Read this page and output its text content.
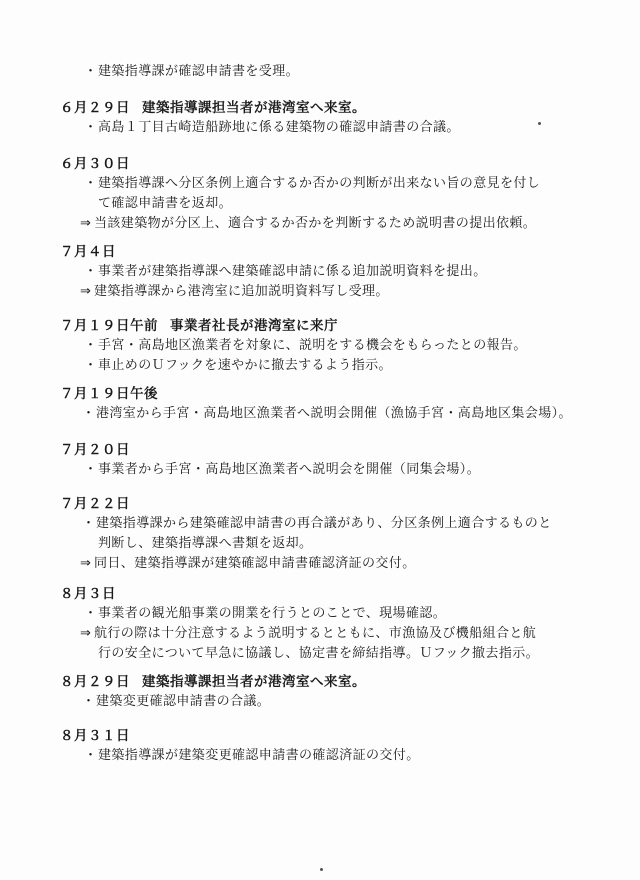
・建築指導課が確認申請書を受理。
６月２９日 建築指導課担当者が港湾室へ来室。
・高島１丁目古崎造船跡地に係る建築物の確認申請書の合議。
６月３０日
・建築指導課へ分区条例上適合するか否かの判断が出来ない旨の意見を付し
て確認申請書を返却。
⇒ 当該建築物が分区上、適合するか否かを判断するため説明書の提出依頼。
７月４日
・事業者が建築指導課へ建築確認申請に係る追加説明資料を提出。
⇒ 建築指導課から港湾室に追加説明資料写し受理。
７月１９日午前 事業者社長が港湾室に来庁
・手宮・高島地区漁業者を対象に、説明をする機会をもらったとの報告。
・車止めのＵフックを速やかに撤去するよう指示。
７月１９日午後
・港湾室から手宮・高島地区漁業者へ説明会開催（漁協手宮・高島地区集会場）。
７月２０日
・事業者から手宮・高島地区漁業者へ説明会を開催（同集会場）。
７月２２日
・建築指導課から建築確認申請書の再合議があり、分区条例上適合するものと
判断し、建築指導課へ書類を返却。
⇒ 同日、建築指導課が建築確認申請書確認済証の交付。
８月３日
・事業者の観光船事業の開業を行うとのことで、現場確認。
⇒ 航行の際は十分注意するよう説明するとともに、市漁協及び機船組合と航
行の安全について早急に協議し、協定書を締結指導。Ｕフック撤去指示。
８月２９日 建築指導課担当者が港湾室へ来室。
・建築変更確認申請書の合議。
８月３１日
・建築指導課が建築変更確認申請書の確認済証の交付。
